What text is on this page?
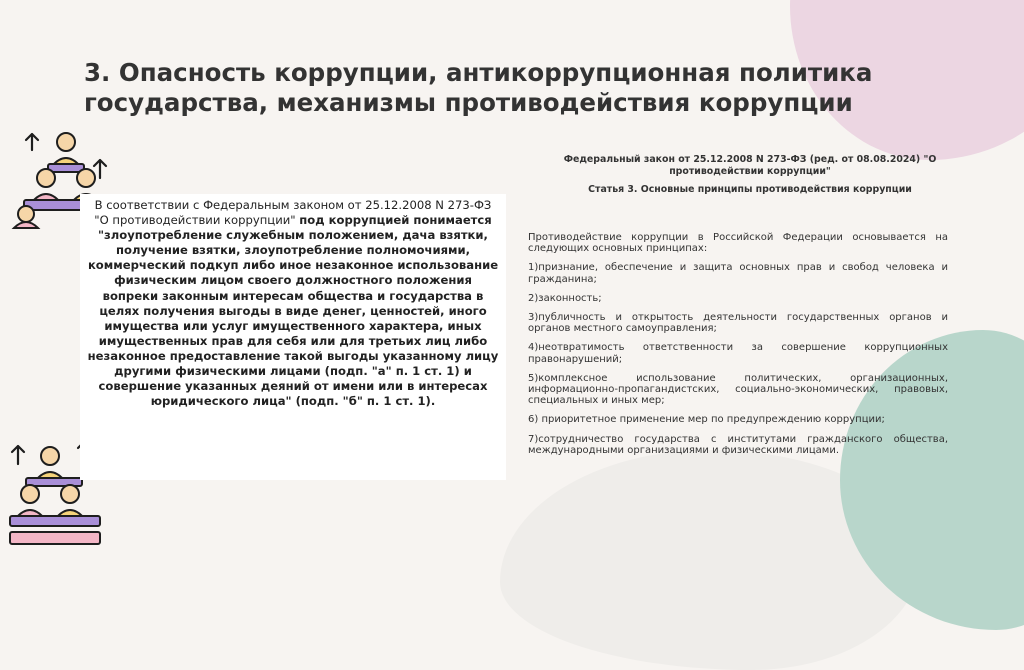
3. Опасность коррупции, антикоррупционная политика государства, механизмы противодействия коррупции
В соответствии с Федеральным законом от 25.12.2008 N 273-ФЗ "О противодействии коррупции" под коррупцией понимается "злоупотребление служебным положением, дача взятки, получение взятки, злоупотребление полномочиями, коммерческий подкуп либо иное незаконное использование физическим лицом своего должностного положения вопреки законным интересам общества и государства в целях получения выгоды в виде денег, ценностей, иного имущества или услуг имущественного характера, иных имущественных прав для себя или для третьих лиц либо незаконное предоставление такой выгоды указанному лицу другими физическими лицами (подп. "а" п. 1 ст. 1) и совершение указанных деяний от имени или в интересах юридического лица" (подп. "б" п. 1 ст. 1).
Федеральный закон от 25.12.2008 N 273-ФЗ (ред. от 08.08.2024) "О противодействии коррупции"
Статья 3. Основные принципы противодействия коррупции

Противодействие коррупции в Российской Федерации основывается на следующих основных принципах:

1)признание, обеспечение и защита основных прав и свобод человека и гражданина;

2)законность;

3)публичность и открытость деятельности государственных органов и органов местного самоуправления;

4)неотвратимость ответственности за совершение коррупционных правонарушений;

5)комплексное использование политических, организационных, информационно-пропагандистских, социально-экономических, правовых, специальных и иных мер;

6) приоритетное применение мер по предупреждению коррупции;

7)сотрудничество государства с институтами гражданского общества, международными организациями и физическими лицами.
